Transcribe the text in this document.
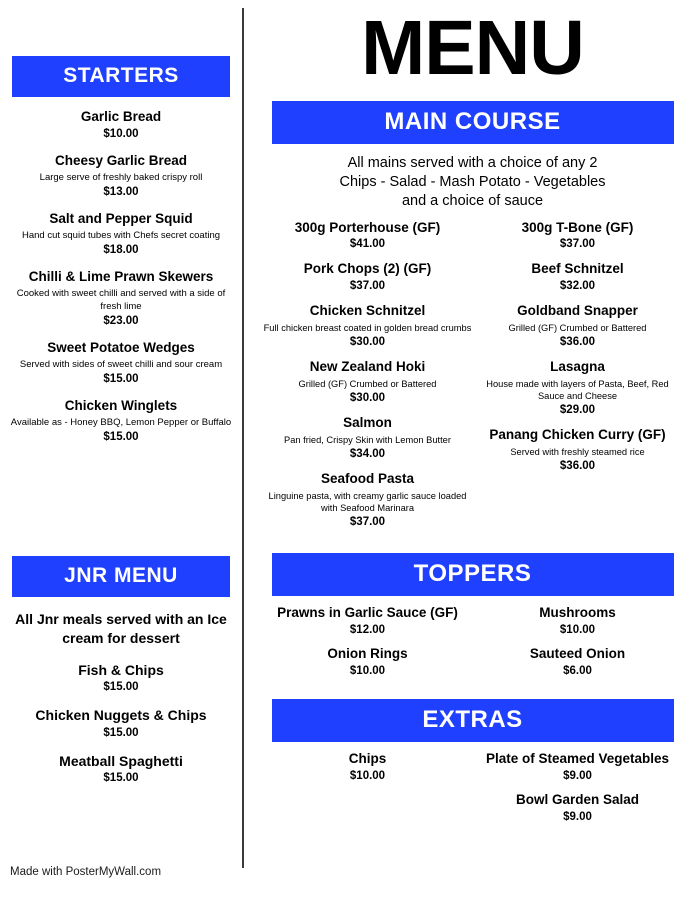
STARTERS
Garlic Bread
$10.00
Cheesy Garlic Bread
Large serve of freshly baked crispy roll
$13.00
Salt and Pepper Squid
Hand cut squid tubes with Chefs secret coating
$18.00
Chilli & Lime Prawn Skewers
Cooked with sweet chilli and served with a side of fresh lime
$23.00
Sweet Potatoe Wedges
Served with sides of sweet chilli and sour cream
$15.00
Chicken Winglets
Available as - Honey BBQ, Lemon Pepper or Buffalo
$15.00
JNR MENU
All Jnr meals served with an Ice cream for dessert
Fish & Chips
$15.00
Chicken Nuggets & Chips
$15.00
Meatball Spaghetti
$15.00
MENU
MAIN COURSE
All mains served with a choice of any 2
Chips - Salad - Mash Potato - Vegetables
and a choice of sauce
300g Porterhouse (GF)
$41.00
Pork Chops (2) (GF)
$37.00
Chicken Schnitzel
Full chicken breast coated in golden bread crumbs
$30.00
New Zealand Hoki
Grilled (GF) Crumbed or Battered
$30.00
Salmon
Pan fried, Crispy Skin with Lemon Butter
$34.00
Seafood Pasta
Linguine pasta, with creamy garlic sauce loaded with Seafood Marinara
$37.00
300g T-Bone (GF)
$37.00
Beef Schnitzel
$32.00
Goldband Snapper
Grilled (GF) Crumbed or Battered
$36.00
Lasagna
House made with layers of Pasta, Beef, Red Sauce and Cheese
$29.00
Panang Chicken Curry (GF)
Served with freshly steamed rice
$36.00
TOPPERS
Prawns in Garlic Sauce (GF)
$12.00
Mushrooms
$10.00
Onion Rings
$10.00
Sauteed Onion
$6.00
EXTRAS
Chips
$10.00
Plate of Steamed Vegetables
$9.00
Bowl Garden Salad
$9.00
Made with PosterMyWall.com
